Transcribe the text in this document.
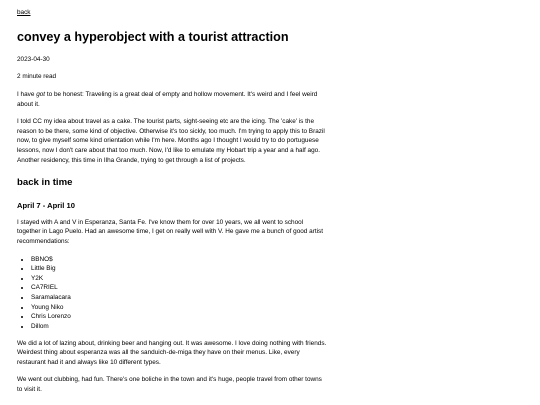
back
convey a hyperobject with a tourist attraction

2023-04-30

2 minute read

I have got to be honest: Traveling is a great deal of empty and hollow movement. It's weird and I feel weird about it.

I told CC my idea about travel as a cake. The tourist parts, sight-seeing etc are the icing. The 'cake' is the reason to be there, some kind of objective. Otherwise it's too sickly, too much. I'm trying to apply this to Brazil now, to give myself some kind orientation while I'm here. Months ago I thought I would try to do portuguese lessons, now I don't care about that too much. Now, I'd like to emulate my Hobart trip a year and a half ago. Another residency, this time in Ilha Grande, trying to get through a list of projects.

back in time
April 7 - April 10

I stayed with A and V in Esperanza, Santa Fe. I've know them for over 10 years, we all went to school together in Lago Puelo. Had an awesome time, I get on really well with V. He gave me a bunch of good artist recommendations:

• BBNO$
• Little Big
• Y2K
• CA7RIEL
• Saramalacara
• Young Niko
• Chris Lorenzo
• Dillom

We did a lot of lazing about, drinking beer and hanging out. It was awesome. I love doing nothing with friends. Weirdest thing about esperanza was all the sanduich-de-miga they have on their menus. Like, every restaurant had it and always like 10 different types.

We went out clubbing, had fun. There's one boliche in the town and it's huge, people travel from other towns to visit it.
